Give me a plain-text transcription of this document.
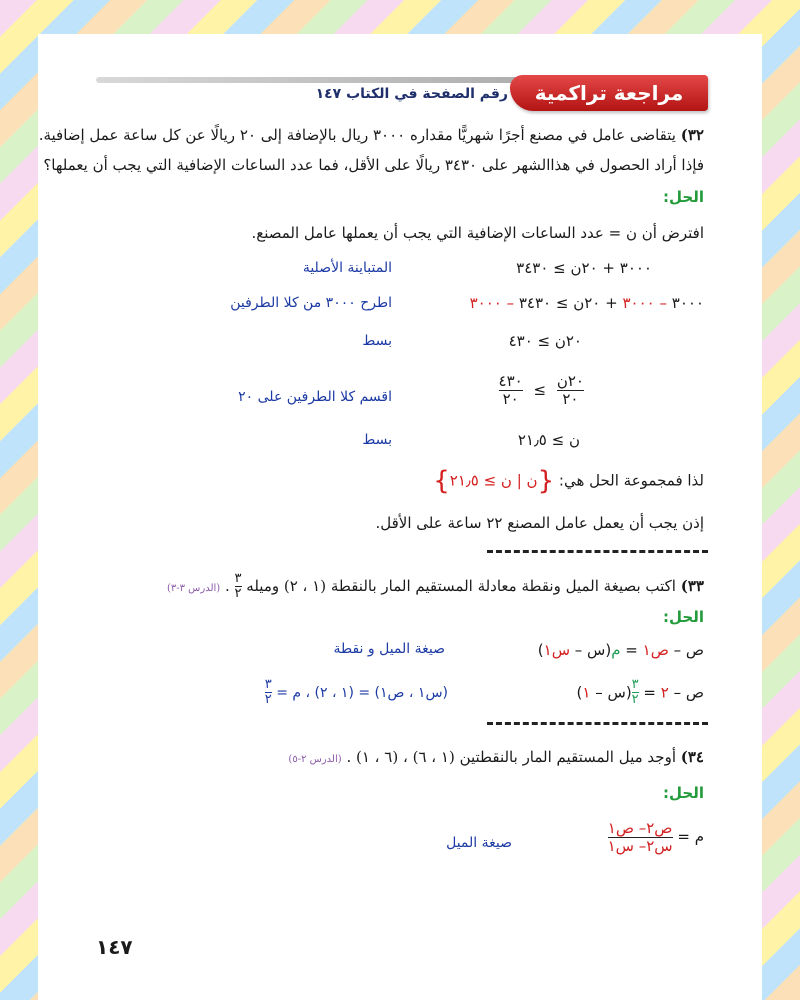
مراجعة تراكمية
رقم الصفحة في الكتاب ١٤٧
٣٢) يتقاضى عامل في مصنع أجرًا شهريًّا مقداره ٣٠٠٠ ريال بالإضافة إلى ٢٠ ريالًا عن كل ساعة عمل إضافية.
فإذا أراد الحصول في هذاالشهر على ٣٤٣٠ ريالًا على الأقل، فما عدد الساعات الإضافية التي يجب أن يعملها؟
الحل:
افترض أن ن = عدد الساعات الإضافية التي يجب أن يعملها عامل المصنع.
٣٠٠٠ + ٢٠ن ≥ ٣٤٣٠
المتباينة الأصلية
٣٠٠٠ – ٣٠٠٠ + ٢٠ن ≥ ٣٤٣٠ – ٣٠٠٠
اطرح ٣٠٠٠ من كلا الطرفين
٢٠ن ≥ ٤٣٠
بسط
$\frac{\text{٢٠ن}}{٢٠}$
≥
$\frac{٤٣٠}{٢٠}$
اقسم كلا الطرفين على ٢٠
ن ≥ ٢١٫٥
بسط
لذا فمجموعة الحل هي: {ن | ن ≥ ٢١٫٥}
إذن يجب أن يعمل عامل المصنع ٢٢ ساعة على الأقل.
٣٣) اكتب بصيغة الميل ونقطة معادلة المستقيم المار بالنقطة (١ ، ٢) وميله
$\frac{٣}{٢}$
. (الدرس ٣-٣)
الحل:
ص – ص١ = م(س – س١)
صيغة الميل و نقطة
ص – ٢ =
$\frac{٣}{٢}$
(س – ١)
(س١ ، ص١) = (١ ، ٢) ، م =
$\frac{٣}{٢}$
٣٤) أوجد ميل المستقيم المار بالنقطتين (١ ، ٦) ، (٦ ، ١) . (الدرس ٢-٥)
الحل:
م =
$\frac{\text{ص٢– ص١}}{\text{س٢– س١}}$
صيغة الميل
١٤٧
